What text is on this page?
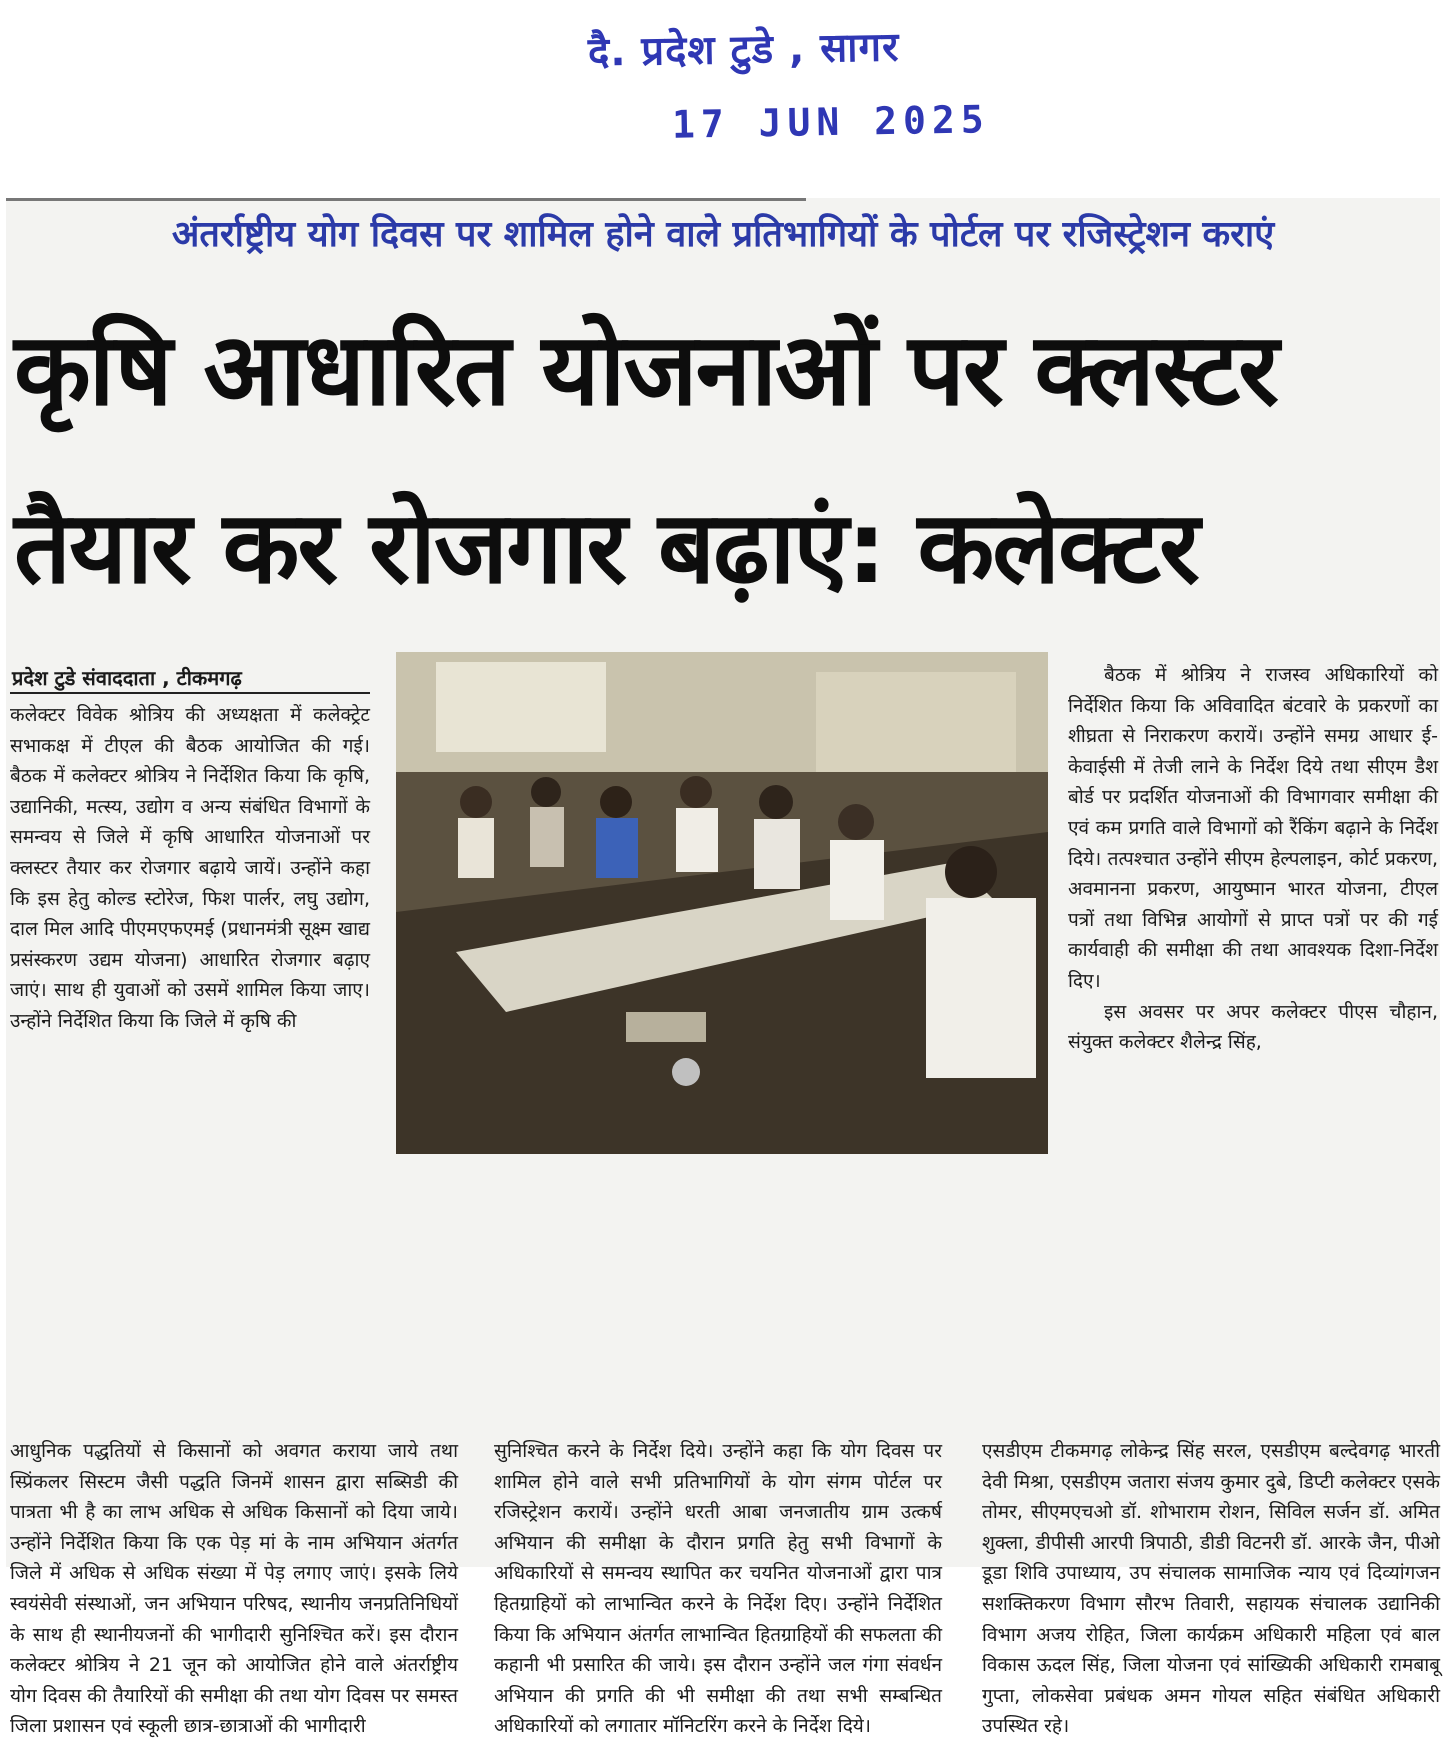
दै. प्रदेश टुडे , सागर
17 JUN 2025
अंतर्राष्ट्रीय योग दिवस पर शामिल होने वाले प्रतिभागियों के पोर्टल पर रजिस्ट्रेशन कराएं
कृषि आधारित योजनाओं पर क्लस्टर
तैयार कर रोजगार बढ़ाएं: कलेक्टर
प्रदेश टुडे संवाददाता , टीकमगढ़

कलेक्टर विवेक श्रोत्रिय की अध्यक्षता में कलेक्ट्रेट सभाकक्ष में टीएल की बैठक आयोजित की गई। बैठक में कलेक्टर श्रोत्रिय ने निर्देशित किया कि कृषि, उद्यानिकी, मत्स्य, उद्योग व अन्य संबंधित विभागों के समन्वय से जिले में कृषि आधारित योजनाओं पर क्लस्टर तैयार कर रोजगार बढ़ाये जायें। उन्होंने कहा कि इस हेतु कोल्ड स्टोरेज, फिश पार्लर, लघु उद्योग, दाल मिल आदि पीएमएफएमई (प्रधानमंत्री सूक्ष्म खाद्य प्रसंस्करण उद्यम योजना) आधारित रोजगार बढ़ाए जाएं। साथ ही युवाओं को उसमें शामिल किया जाए। उन्होंने निर्देशित किया कि जिले में कृषि की

बैठक में श्रोत्रिय ने राजस्व अधिकारियों को निर्देशित किया कि अविवादित बंटवारे के प्रकरणों का शीघ्रता से निराकरण करायें। उन्होंने समग्र आधार ई-केवाईसी में तेजी लाने के निर्देश दिये तथा सीएम डैश बोर्ड पर प्रदर्शित योजनाओं की विभागवार समीक्षा की एवं कम प्रगति वाले विभागों को रैंकिंग बढ़ाने के निर्देश दिये। तत्पश्चात उन्होंने सीएम हेल्पलाइन, कोर्ट प्रकरण, अवमानना प्रकरण, आयुष्मान भारत योजना, टीएल पत्रों तथा विभिन्न आयोगों से प्राप्त पत्रों पर की गई कार्यवाही की समीक्षा की तथा आवश्यक दिशा-निर्देश दिए।

इस अवसर पर अपर कलेक्टर पीएस चौहान, संयुक्त कलेक्टर शैलेन्द्र सिंह,

आधुनिक पद्धतियों से किसानों को अवगत कराया जाये तथा स्प्रिंकलर सिस्टम जैसी पद्धति जिनमें शासन द्वारा सब्सिडी की पात्रता भी है का लाभ अधिक से अधिक किसानों को दिया जाये। उन्होंने निर्देशित किया कि एक पेड़ मां के नाम अभियान अंतर्गत जिले में अधिक से अधिक संख्या में पेड़ लगाए जाएं। इसके लिये स्वयंसेवी संस्थाओं, जन अभियान परिषद, स्थानीय जनप्रतिनिधियों के साथ ही स्थानीयजनों की भागीदारी सुनिश्चित करें। इस दौरान कलेक्टर श्रोत्रिय ने 21 जून को आयोजित होने वाले अंतर्राष्ट्रीय योग दिवस की तैयारियों की समीक्षा की तथा योग दिवस पर समस्त जिला प्रशासन एवं स्कूली छात्र-छात्राओं की भागीदारी

सुनिश्चित करने के निर्देश दिये। उन्होंने कहा कि योग दिवस पर शामिल होने वाले सभी प्रतिभागियों के योग संगम पोर्टल पर रजिस्ट्रेशन करायें। उन्होंने धरती आबा जनजातीय ग्राम उत्कर्ष अभियान की समीक्षा के दौरान प्रगति हेतु सभी विभागों के अधिकारियों से समन्वय स्थापित कर चयनित योजनाओं द्वारा पात्र हितग्राहियों को लाभान्वित करने के निर्देश दिए। उन्होंने निर्देशित किया कि अभियान अंतर्गत लाभान्वित हितग्राहियों की सफलता की कहानी भी प्रसारित की जाये। इस दौरान उन्होंने जल गंगा संवर्धन अभियान की प्रगति की भी समीक्षा की तथा सभी सम्बन्धित अधिकारियों को लगातार मॉनिटरिंग करने के निर्देश दिये।

एसडीएम टीकमगढ़ लोकेन्द्र सिंह सरल, एसडीएम बल्देवगढ़ भारती देवी मिश्रा, एसडीएम जतारा संजय कुमार दुबे, डिप्टी कलेक्टर एसके तोमर, सीएमएचओ डॉ. शोभाराम रोशन, सिविल सर्जन डॉ. अमित शुक्ला, डीपीसी आरपी त्रिपाठी, डीडी विटनरी डॉ. आरके जैन, पीओ डूडा शिवि उपाध्याय, उप संचालक सामाजिक न्याय एवं दिव्यांगजन सशक्तिकरण विभाग सौरभ तिवारी, सहायक संचालक उद्यानिकी विभाग अजय रोहित, जिला कार्यक्रम अधिकारी महिला एवं बाल विकास ऊदल सिंह, जिला योजना एवं सांख्यिकी अधिकारी रामबाबू गुप्ता, लोकसेवा प्रबंधक अमन गोयल सहित संबंधित अधिकारी उपस्थित रहे।
